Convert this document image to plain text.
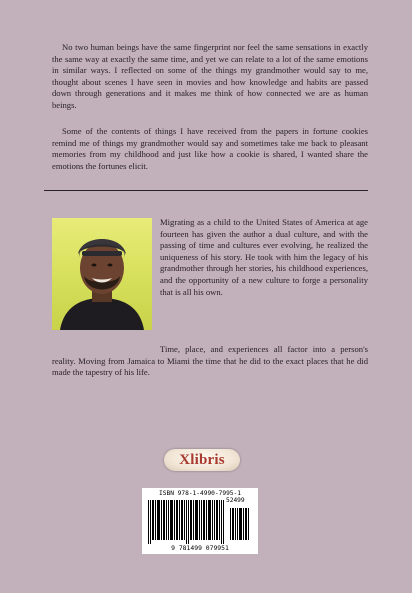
No two human beings have the same fingerprint nor feel the same sensations in exactly the same way at exactly the same time, and yet we can relate to a lot of the same emotions in similar ways. I reflected on some of the things my grandmother would say to me, thought about scenes I have seen in movies and how knowledge and habits are passed down through generations and it makes me think of how connected we are as human beings.

Some of the contents of things I have received from the papers in fortune cookies remind me of things my grandmother would say and sometimes take me back to pleasant memories from my childhood and just like how a cookie is shared, I wanted share the emotions the fortunes elicit.

Migrating as a child to the United States of America at age fourteen has given the author a dual culture, and with the passing of time and cultures ever evolving, he realized the uniqueness of his story. He took with him the legacy of his grandmother through her stories, his childhood experiences, and the opportunity of a new culture to forge a personality that is all his own.

Time, place, and experiences all factor into a person's reality. Moving from Jamaica to Miami the time that he did to the exact places that he did made the tapestry of his life.

Xlibris
ISBN 978-1-4990-7995-1
52499
9 781499 079951
